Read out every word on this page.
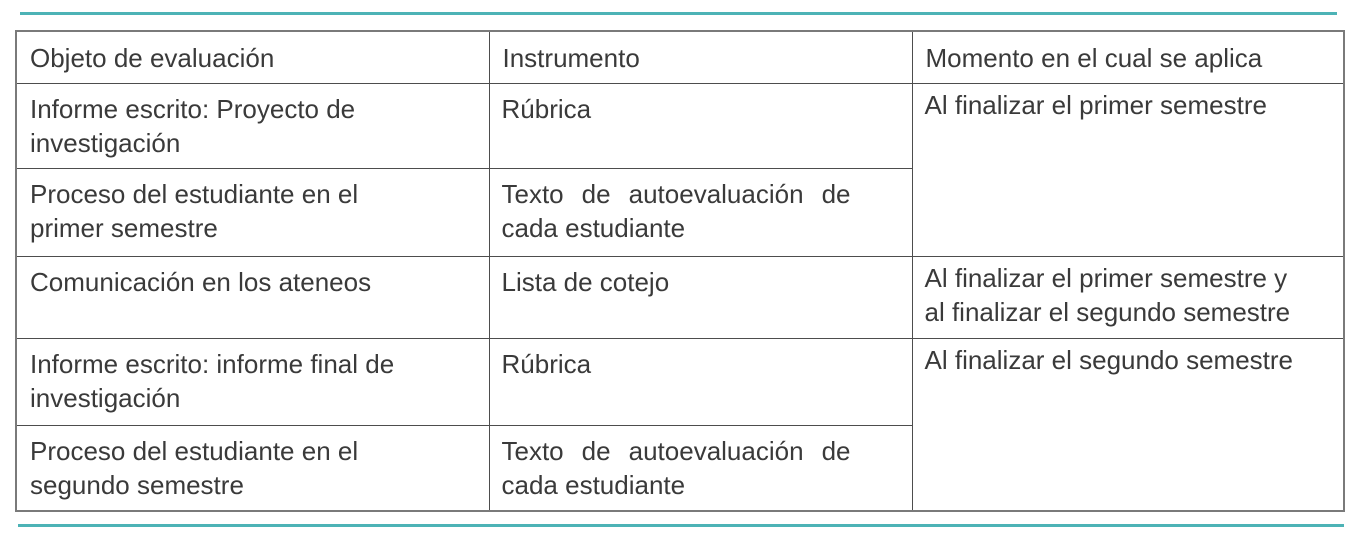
Objeto de evaluación	Instrumento	Momento en el cual se aplica
Informe escrito: Proyecto de investigación	Rúbrica	Al finalizar el primer semestre
Proceso del estudiante en el primer semestre	Texto de autoevaluación de cada estudiante	
Comunicación en los ateneos	Lista de cotejo	Al finalizar el primer semestre y al finalizar el segundo semestre
Informe escrito: informe final de investigación	Rúbrica	Al finalizar el segundo semestre
Proceso del estudiante en el segundo semestre	Texto de autoevaluación de cada estudiante	
